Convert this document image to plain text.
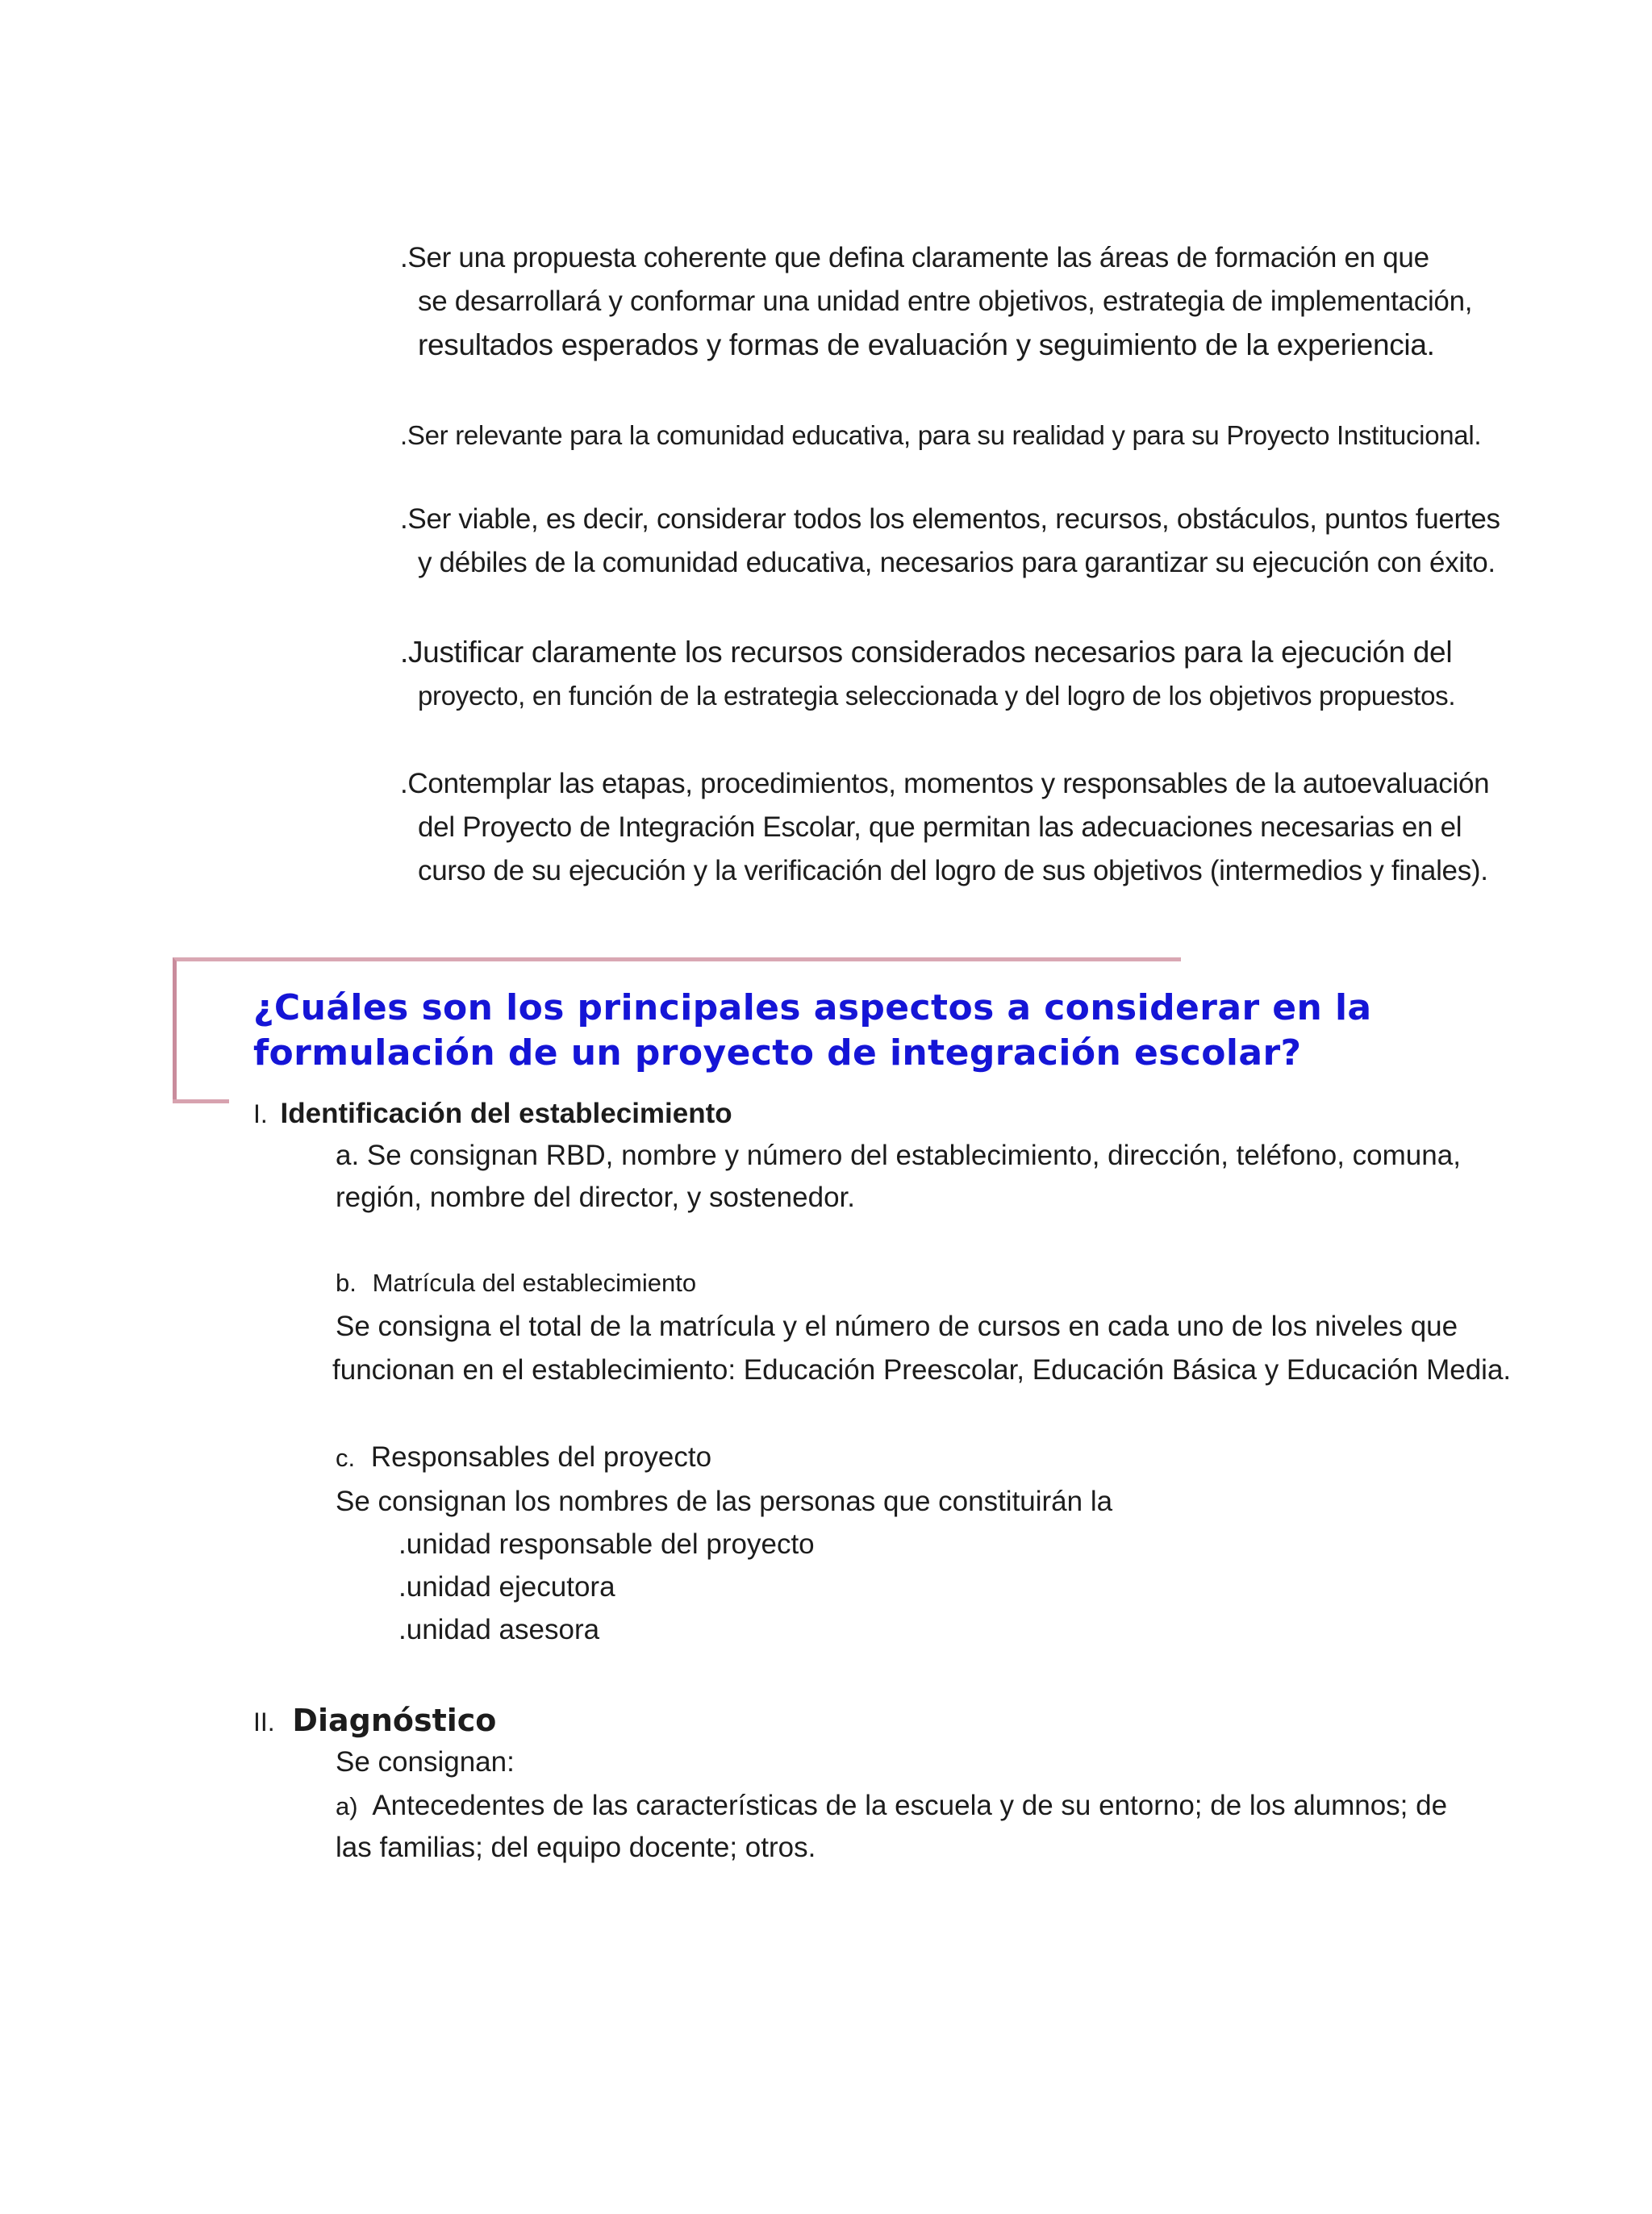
.Ser una propuesta coherente que defina claramente las áreas de formación en que
se desarrollará y conformar una unidad entre objetivos, estrategia de implementación,
resultados esperados y formas de evaluación y seguimiento de la experiencia.
.Ser relevante para la comunidad educativa, para su realidad y para su Proyecto Institucional.
.Ser viable, es decir, considerar todos los elementos, recursos, obstáculos, puntos fuertes
y débiles de la comunidad educativa, necesarios para garantizar su ejecución con éxito.
.Justificar claramente los recursos considerados necesarios para la ejecución del
proyecto, en función de la estrategia seleccionada y del logro de los objetivos propuestos.
.Contemplar las etapas, procedimientos, momentos y responsables de la autoevaluación
del Proyecto de Integración Escolar, que permitan las adecuaciones necesarias en el
curso de su ejecución y la verificación del logro de sus objetivos (intermedios y finales).
¿Cuáles son los principales aspectos a considerar en la
formulación de un proyecto de integración escolar?
I. Identificación del establecimiento
a. Se consignan RBD, nombre y número del establecimiento, dirección, teléfono, comuna,
región, nombre del director, y sostenedor.
b. Matrícula del establecimiento
Se consigna el total de la matrícula y el número de cursos en cada uno de los niveles que
funcionan en el establecimiento: Educación Preescolar, Educación Básica y Educación Media.
c. Responsables del proyecto
Se consignan los nombres de las personas que constituirán la
.unidad responsable del proyecto
.unidad ejecutora
.unidad asesora
II. Diagnóstico
Se consignan:
a) Antecedentes de las características de la escuela y de su entorno; de los alumnos; de
las familias; del equipo docente; otros.
